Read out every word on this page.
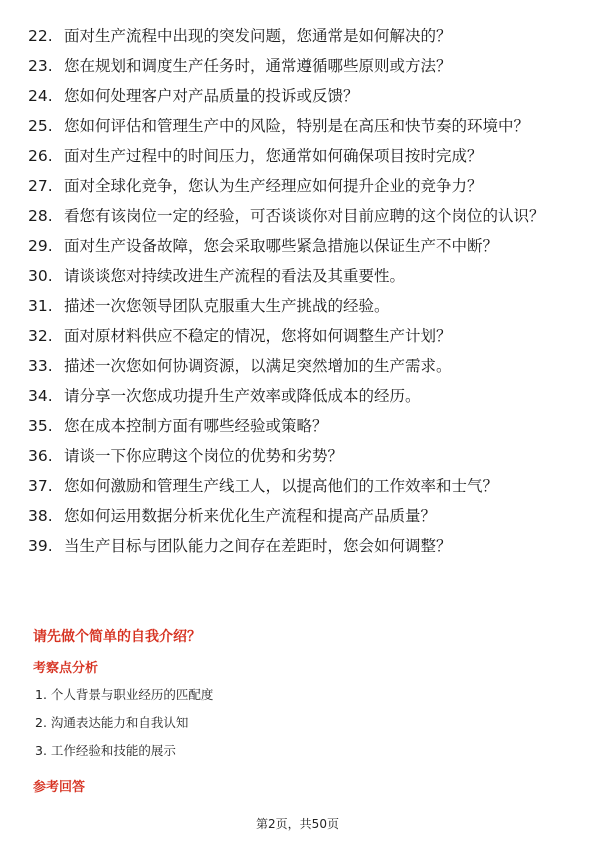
22. 面对生产流程中出现的突发问题，您通常是如何解决的？
23. 您在规划和调度生产任务时，通常遵循哪些原则或方法？
24. 您如何处理客户对产品质量的投诉或反馈？
25. 您如何评估和管理生产中的风险，特别是在高压和快节奏的环境中？
26. 面对生产过程中的时间压力，您通常如何确保项目按时完成？
27. 面对全球化竞争，您认为生产经理应如何提升企业的竞争力？
28. 看您有该岗位一定的经验，可否谈谈你对目前应聘的这个岗位的认识？
29. 面对生产设备故障，您会采取哪些紧急措施以保证生产不中断？
30. 请谈谈您对持续改进生产流程的看法及其重要性。
31. 描述一次您领导团队克服重大生产挑战的经验。
32. 面对原材料供应不稳定的情况，您将如何调整生产计划？
33. 描述一次您如何协调资源，以满足突然增加的生产需求。
34. 请分享一次您成功提升生产效率或降低成本的经历。
35. 您在成本控制方面有哪些经验或策略？
36. 请谈一下你应聘这个岗位的优势和劣势？
37. 您如何激励和管理生产线工人，以提高他们的工作效率和士气？
38. 您如何运用数据分析来优化生产流程和提高产品质量？
39. 当生产目标与团队能力之间存在差距时，您会如何调整？
请先做个简单的自我介绍？
考察点分析
1. 个人背景与职业经历的匹配度
2. 沟通表达能力和自我认知
3. 工作经验和技能的展示
参考回答
第2页，共50页
